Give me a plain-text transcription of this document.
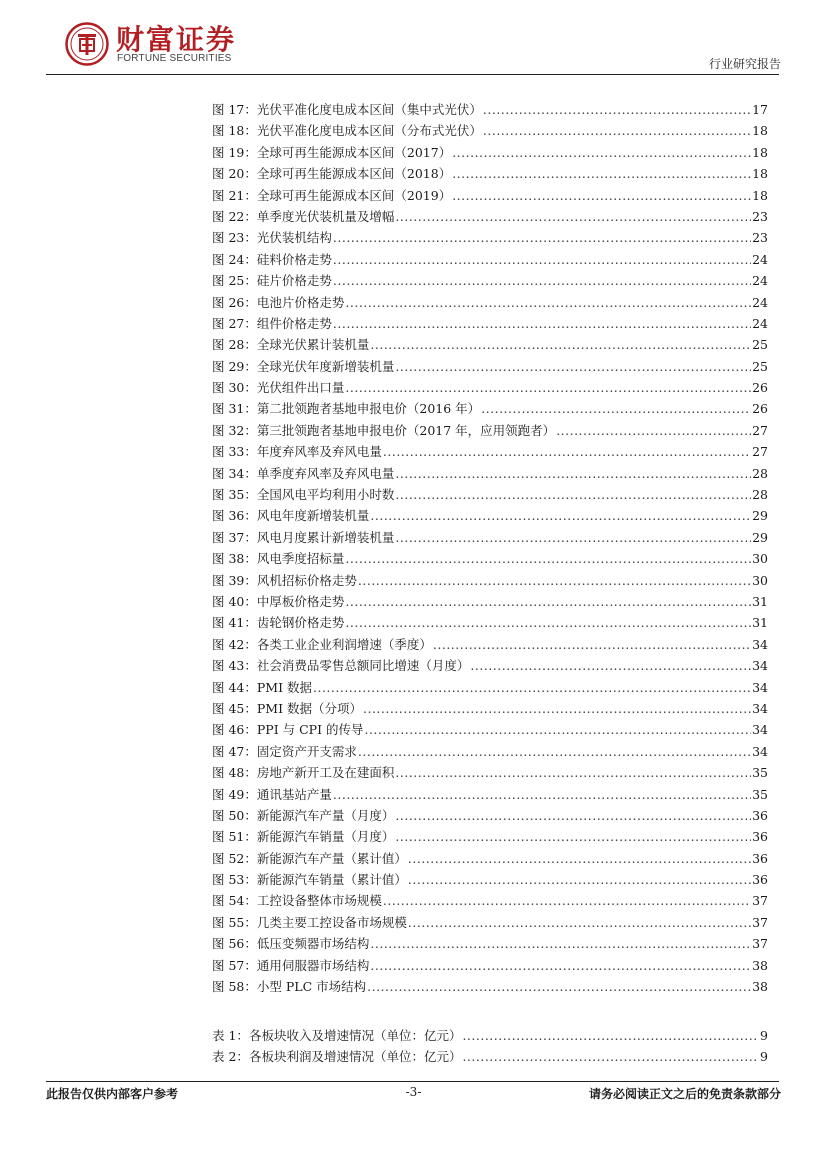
财富证券
FORTUNE SECURITIES	行业研究报告
图 17： 光伏平准化度电成本区间（集中式光伏） .....	17
图 18： 光伏平准化度电成本区间（分布式光伏） .....	18
图 19： 全球可再生能源成本区间（2017） .....	18
图 20： 全球可再生能源成本区间（2018） .....	18
图 21： 全球可再生能源成本区间（2019） .....	18
图 22： 单季度光伏装机量及增幅 .....	23
图 23： 光伏装机结构 .....	23
图 24： 硅料价格走势 .....	24
图 25： 硅片价格走势 .....	24
图 26： 电池片价格走势 .....	24
图 27： 组件价格走势 .....	24
图 28： 全球光伏累计装机量 .....	25
图 29： 全球光伏年度新增装机量 .....	25
图 30： 光伏组件出口量 .....	26
图 31： 第二批领跑者基地申报电价（2016 年） .....	26
图 32： 第三批领跑者基地申报电价（2017 年，应用领跑者） .....	27
图 33： 年度弃风率及弃风电量 .....	27
图 34： 单季度弃风率及弃风电量 .....	28
图 35： 全国风电平均利用小时数 .....	28
图 36： 风电年度新增装机量 .....	29
图 37： 风电月度累计新增装机量 .....	29
图 38： 风电季度招标量 .....	30
图 39： 风机招标价格走势 .....	30
图 40： 中厚板价格走势 .....	31
图 41： 齿轮钢价格走势 .....	31
图 42： 各类工业企业利润增速（季度） .....	34
图 43： 社会消费品零售总额同比增速（月度） .....	34
图 44： PMI 数据 .....	34
图 45： PMI 数据（分项） .....	34
图 46： PPI 与 CPI 的传导 .....	34
图 47： 固定资产开支需求 .....	34
图 48： 房地产新开工及在建面积 .....	35
图 49： 通讯基站产量 .....	35
图 50： 新能源汽车产量（月度） .....	36
图 51： 新能源汽车销量（月度） .....	36
图 52： 新能源汽车产量（累计值） .....	36
图 53： 新能源汽车销量（累计值） .....	36
图 54： 工控设备整体市场规模 .....	37
图 55： 几类主要工控设备市场规模 .....	37
图 56： 低压变频器市场结构 .....	37
图 57： 通用伺服器市场结构 .....	38
图 58： 小型 PLC 市场结构 .....	38
表 1： 各板块收入及增速情况（单位：亿元） .....	9
表 2： 各板块利润及增速情况（单位：亿元） .....	9
此报告仅供内部客户参考	-3-	请务必阅读正文之后的免责条款部分
